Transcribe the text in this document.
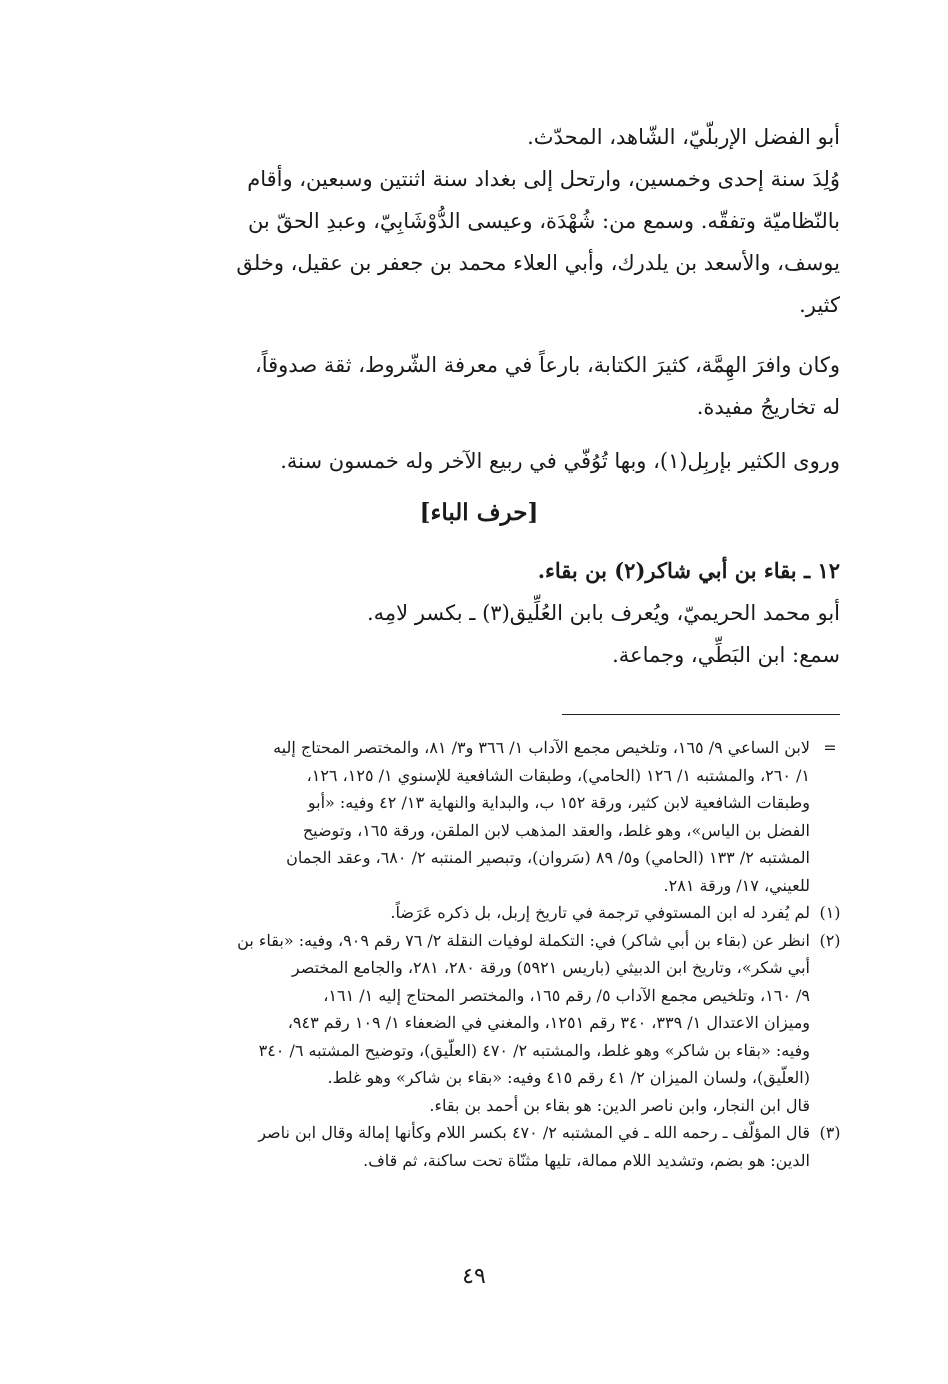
أبو الفضل الإربلّيّ، الشّاهد، المحدّث.

وُلِدَ سنة إحدى وخمسين، وارتحل إلى بغداد سنة اثنتين وسبعين، وأقام

بالنّظاميّة وتفقّه. وسمع من: شُهْدَة، وعيسى الدُّوْشَابِيّ، وعبدِ الحقّ بن

يوسف، والأسعد بن يلدرك، وأبي العلاء محمد بن جعفر بن عقيل، وخلق

كثير.

وكان وافرَ الهِمَّة، كثيرَ الكتابة، بارعاً في معرفة الشّروط، ثقة صدوقاً،

له تخاريجُ مفيدة.

وروى الكثير بإربِل(١)، وبها تُوُفّي في ربيع الآخر وله خمسون سنة.

[حرف الباء]

١٢ ـ بقاء بن أبي شاكر(٢) بن بقاء.

أبو محمد الحريميّ، ويُعرف بابن العُلِّيق(٣) ـ بكسر لامِه.

سمع: ابن البَطِّي، وجماعة.

=
لابن الساعي ٩/ ١٦٥، وتلخيص مجمع الآداب ١/ ٣٦٦ و٣/ ٨١، والمختصر المحتاج إليه
١/ ٢٦٠، والمشتبه ١/ ١٢٦ (الحامي)، وطبقات الشافعية للإسنوي ١/ ١٢٥، ١٢٦،
وطبقات الشافعية لابن كثير، ورقة ١٥٢ ب، والبداية والنهاية ١٣/ ٤٢ وفيه: «أبو
الفضل بن الياس»، وهو غلط، والعقد المذهب لابن الملقن، ورقة ١٦٥، وتوضيح
المشتبه ٢/ ١٣٣ (الحامي) و٥/ ٨٩ (سَروان)، وتبصير المنتبه ٢/ ٦٨٠، وعقد الجمان
للعيني، ١٧/ ورقة ٢٨١.
(١)
لم يُفرد له ابن المستوفي ترجمة في تاريخ إربل، بل ذكره عَرَضاً.
(٢)
انظر عن (بقاء بن أبي شاكر) في: التكملة لوفيات النقلة ٢/ ٧٦ رقم ٩٠٩، وفيه: «بقاء بن
أبي شكر»، وتاريخ ابن الدبيثي (باريس ٥٩٢١) ورقة ٢٨٠، ٢٨١، والجامع المختصر
٩/ ١٦٠، وتلخيص مجمع الآداب ٥/ رقم ١٦٥، والمختصر المحتاج إليه ١/ ١٦١،
وميزان الاعتدال ١/ ٣٣٩، ٣٤٠ رقم ١٢٥١، والمغني في الضعفاء ١/ ١٠٩ رقم ٩٤٣،
وفيه: «بقاء بن شاكر» وهو غلط، والمشتبه ٢/ ٤٧٠ (العلّيق)، وتوضيح المشتبه ٦/ ٣٤٠
(العلّيق)، ولسان الميزان ٢/ ٤١ رقم ٤١٥ وفيه: «بقاء بن شاكر» وهو غلط.
قال ابن النجار، وابن ناصر الدين: هو بقاء بن أحمد بن بقاء.
(٣)
قال المؤلّف ـ رحمه الله ـ في المشتبه ٢/ ٤٧٠ بكسر اللام وكأنها إمالة وقال ابن ناصر
الدين: هو بضم، وتشديد اللام ممالة، تليها مثنّاة تحت ساكنة، ثم قاف.
٤٩
